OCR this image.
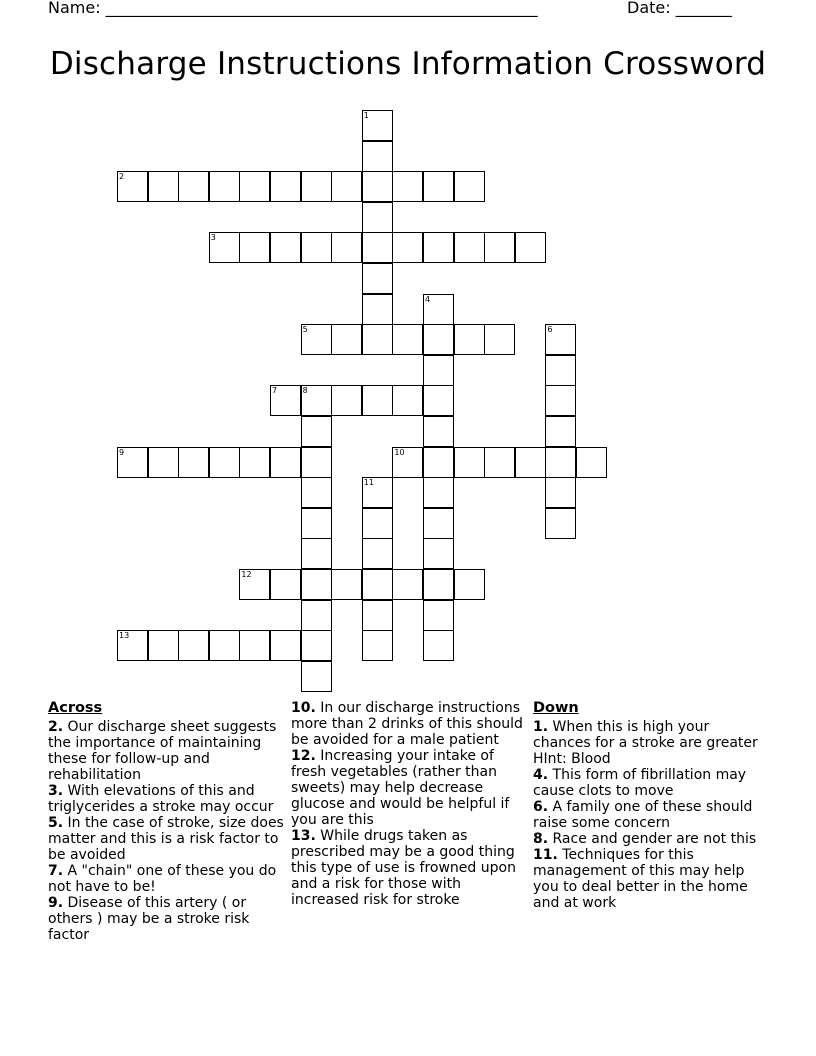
Name: ______________________________________________________	Date: _______
Discharge Instructions Information Crossword
1
2
3
4
5	6
7	8
9	10
11
12
13
Across
2. Our discharge sheet suggests the importance of maintaining these for follow-up and rehabilitation
3. With elevations of this and triglycerides a stroke may occur
5. In the case of stroke, size does matter and this is a risk factor to be avoided
7. A "chain" one of these you do not have to be!
9. Disease of this artery ( or others ) may be a stroke risk factor
10. In our discharge instructions more than 2 drinks of this should be avoided for a male patient
12. Increasing your intake of fresh vegetables (rather than sweets) may help decrease glucose and would be helpful if you are this
13. While drugs taken as prescribed may be a good thing this type of use is frowned upon and a risk for those with increased risk for stroke
Down
1. When this is high your chances for a stroke are greater HInt: Blood
4. This form of fibrillation may cause clots to move
6. A family one of these should raise some concern
8. Race and gender are not this
11. Techniques for this management of this may help you to deal better in the home and at work
